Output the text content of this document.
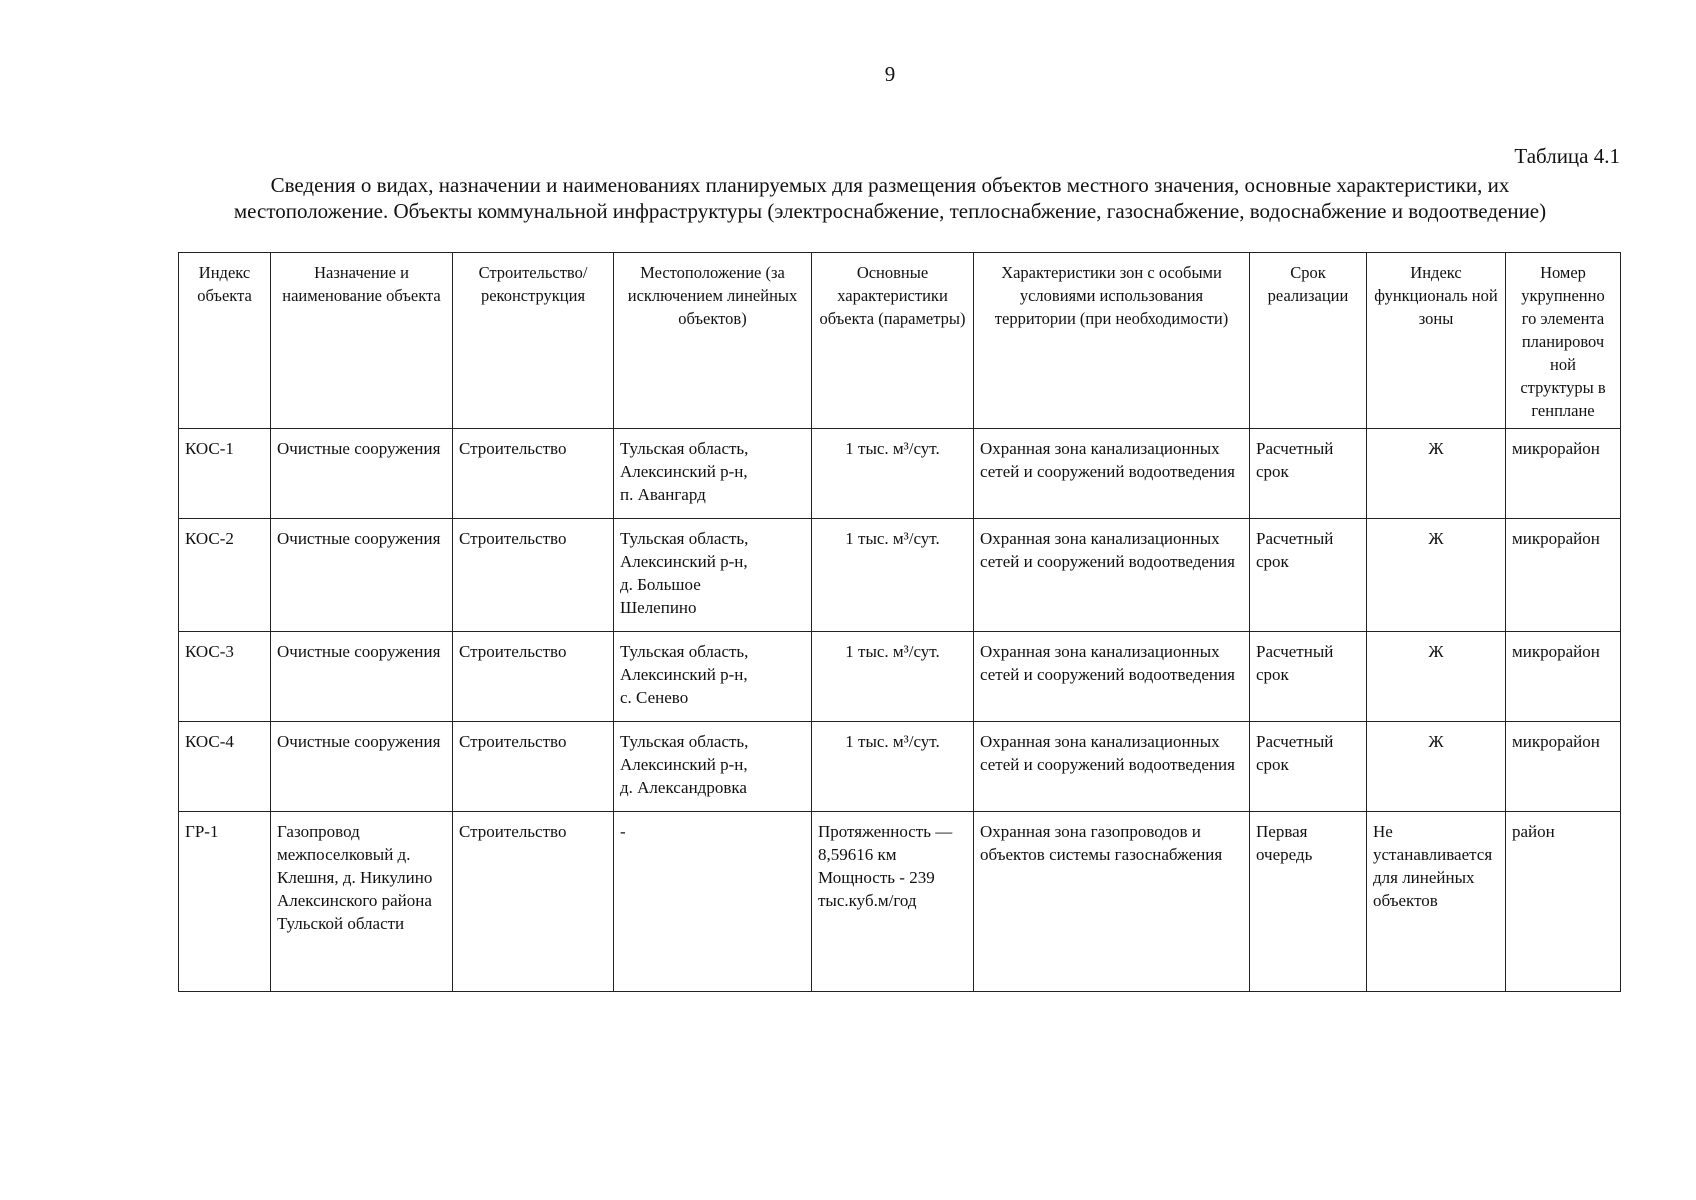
9
Таблица 4.1
Сведения о видах, назначении и наименованиях планируемых для размещения объектов местного значения, основные характеристики, их местоположение. Объекты коммунальной инфраструктуры (электроснабжение, теплоснабжение, газоснабжение, водоснабжение и водоотведение)
Индекс объекта	Назначение и наименование объекта	Строительство/ реконструкция	Местоположение (за исключением линейных объектов)	Основные характеристики объекта (параметры)	Характеристики зон с особыми условиями использования территории (при необходимости)	Срок реализации	Индекс функциональ ной зоны	Номер укрупненно го элемента планировоч ной структуры в генплане
КОС-1	Очистные сооружения	Строительство	Тульская область,
Алексинский р-н,
п. Авангард	1 тыс. м³/сут.	Охранная зона канализационных сетей и сооружений водоотведения	Расчетный срок	Ж	микрорайон
КОС-2	Очистные сооружения	Строительство	Тульская область,
Алексинский р-н,
д. Большое
Шелепино	1 тыс. м³/сут.	Охранная зона канализационных сетей и сооружений водоотведения	Расчетный срок	Ж	микрорайон
КОС-3	Очистные сооружения	Строительство	Тульская область,
Алексинский р-н,
с. Сенево	1 тыс. м³/сут.	Охранная зона канализационных сетей и сооружений водоотведения	Расчетный срок	Ж	микрорайон
КОС-4	Очистные сооружения	Строительство	Тульская область,
Алексинский р-н,
д. Александровка	1 тыс. м³/сут.	Охранная зона канализационных сетей и сооружений водоотведения	Расчетный срок	Ж	микрорайон
ГР-1	Газопровод межпоселковый д. Клешня, д. Никулино Алексинского района Тульской области	Строительство	-	Протяженность — 8,59616 км Мощность - 239 тыс.куб.м/год	Охранная зона газопроводов и объектов системы газоснабжения	Первая очередь	Не устанавливается для линейных объектов	район
